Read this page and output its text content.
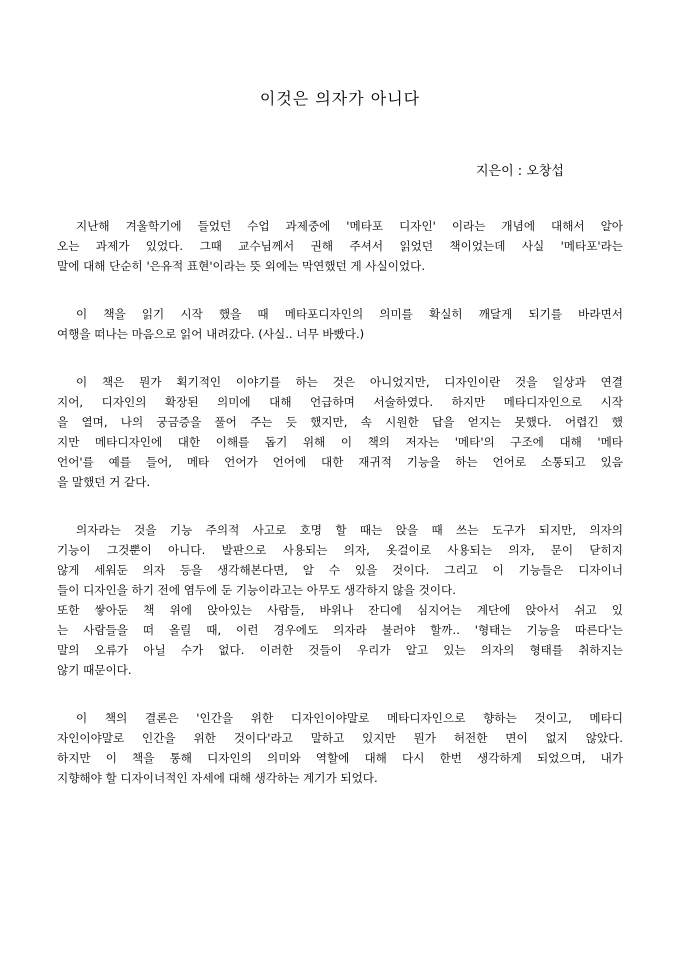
이것은 의자가 아니다
지은이 : 오창섭
지난해 겨울학기에 들었던 수업 과제중에 '메타포 디자인' 이라는 개념에 대해서 알아
오는 과제가 있었다. 그때 교수님께서 권해 주셔서 읽었던 책이었는데 사실 '메타포'라는
말에 대해 단순히 '은유적 표현'이라는 뜻 외에는 막연했던 게 사실이었다.
이 책을 읽기 시작 했을 때 메타포디자인의 의미를 확실히 깨달게 되기를 바라면서
여행을 떠나는 마음으로 읽어 내려갔다. (사실.. 너무 바빴다.)
이 책은 뭔가 획기적인 이야기를 하는 것은 아니었지만, 디자인이란 것을 일상과 연결
지어, 디자인의 확장된 의미에 대해 언급하며 서술하였다. 하지만 메타디자인으로 시작
을 열며, 나의 궁금증을 풀어 주는 듯 했지만, 속 시원한 답을 얻지는 못했다. 어렵긴 했
지만 메타디자인에 대한 이해를 돕기 위해 이 책의 저자는 '메타'의 구조에 대해 '메타
언어'를 예를 들어, 메타 언어가 언어에 대한 재귀적 기능을 하는 언어로 소통되고 있음
을 말했던 거 같다.
의자라는 것을 기능 주의적 사고로 호명 할 때는 앉을 때 쓰는 도구가 되지만, 의자의
기능이 그것뿐이 아니다. 발판으로 사용되는 의자, 옷걸이로 사용되는 의자, 문이 닫히지
않게 세워둔 의자 등을 생각해본다면, 알 수 있을 것이다. 그리고 이 기능들은 디자이너
들이 디자인을 하기 전에 염두에 둔 기능이라고는 아무도 생각하지 않을 것이다.
또한 쌓아둔 책 위에 앉아있는 사람들, 바위나 잔디에 심지어는 계단에 앉아서 쉬고 있
는 사람들을 떠 올릴 때, 이런 경우에도 의자라 불러야 할까.. '형태는 기능을 따른다'는
말의 오류가 아닐 수가 없다. 이러한 것들이 우리가 알고 있는 의자의 형태를 취하지는
않기 때문이다.
이 책의 결론은 '인간을 위한 디자인이야말로 메타디자인으로 향하는 것이고, 메타디
자인이야말로 인간을 위한 것이다'라고 말하고 있지만 뭔가 허전한 면이 없지 않았다.
하지만 이 책을 통해 디자인의 의미와 역할에 대해 다시 한번 생각하게 되었으며, 내가
지향해야 할 디자이너적인 자세에 대해 생각하는 계기가 되었다.
